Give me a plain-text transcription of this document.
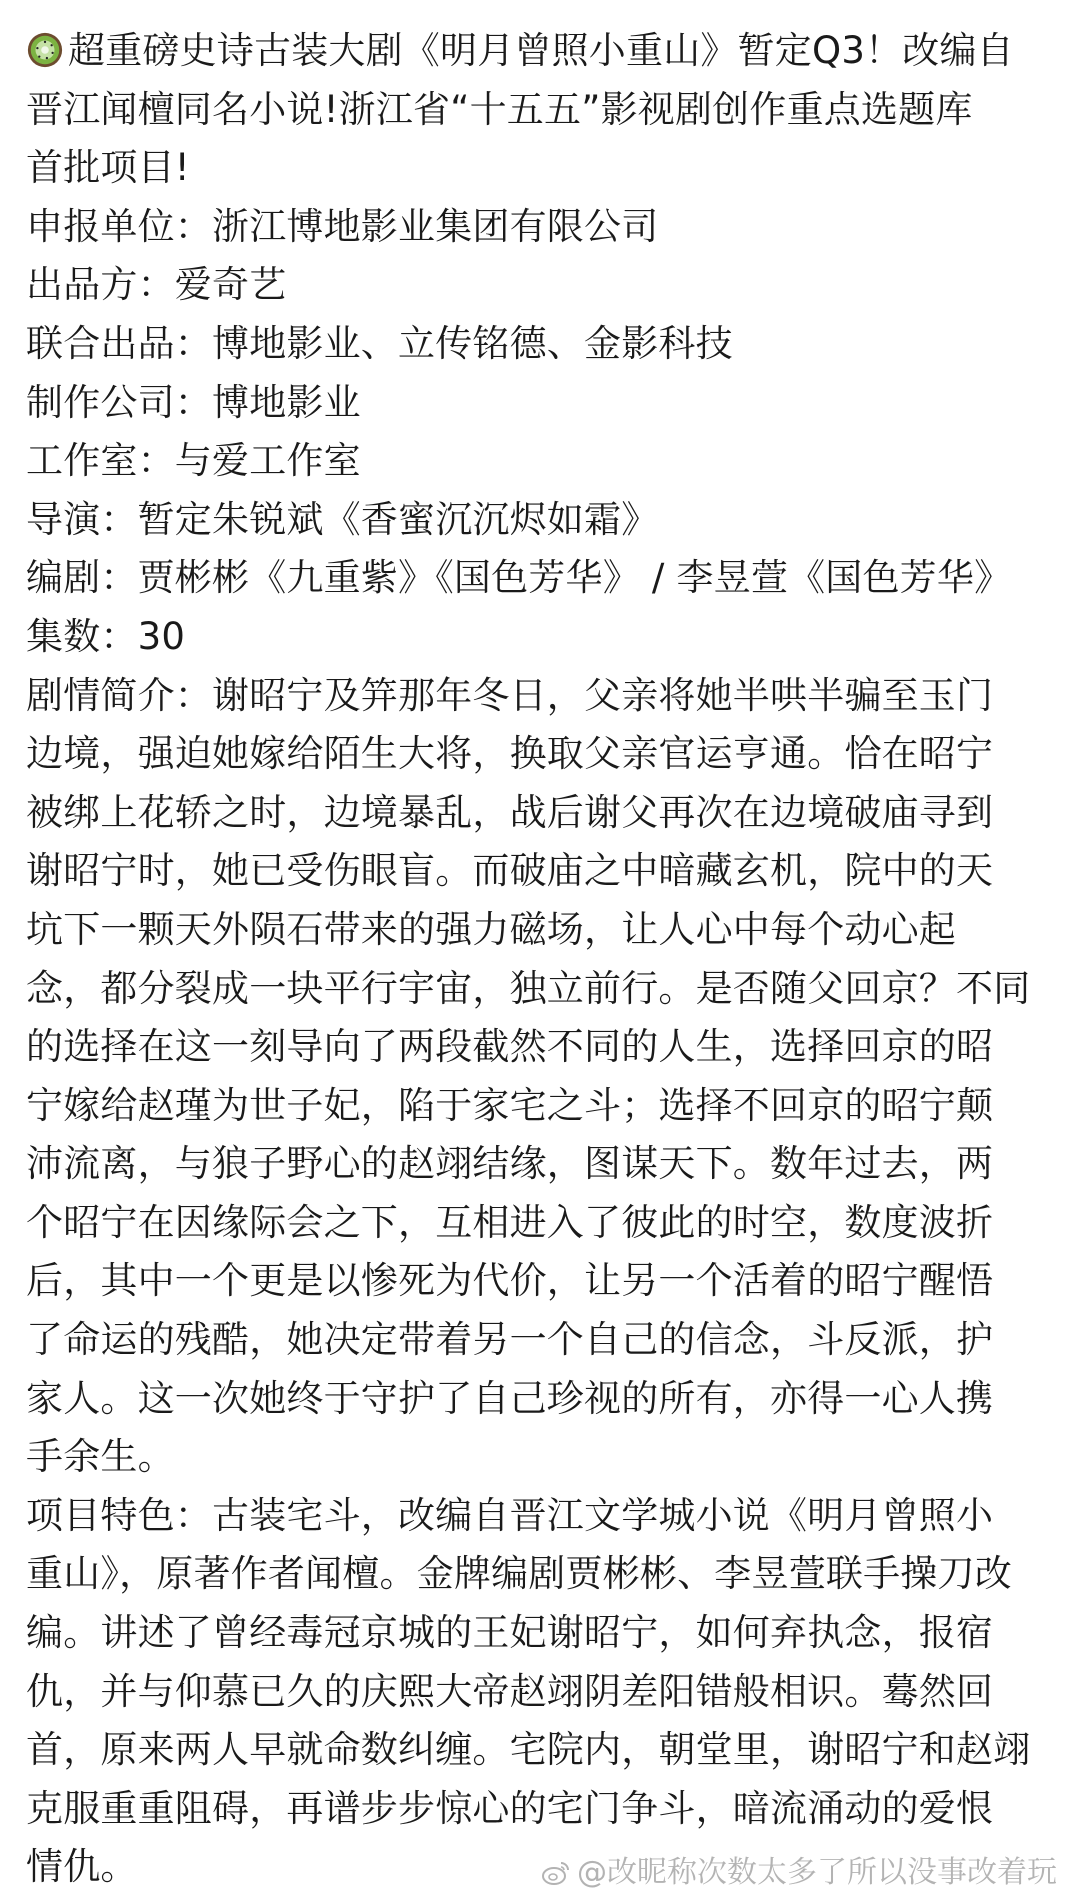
超重磅史诗古装大剧《明月曾照小重山》暂定Q3！改编自

晋江闻檀同名小说!浙江省“十五五”影视剧创作重点选题库

首批项目!

申报单位：浙江博地影业集团有限公司

出品方：爱奇艺

联合出品：博地影业、立传铭德、金影科技

制作公司：博地影业

工作室：与爱工作室

导演：暂定朱锐斌《香蜜沉沉烬如霜》

编剧：贾彬彬《九重紫》《国色芳华》 / 李昱萱《国色芳华》

集数：30

剧情简介：谢昭宁及笄那年冬日，父亲将她半哄半骗至玉门

边境，强迫她嫁给陌生大将，换取父亲官运亨通。恰在昭宁

被绑上花轿之时，边境暴乱，战后谢父再次在边境破庙寻到

谢昭宁时，她已受伤眼盲。而破庙之中暗藏玄机，院中的天

坑下一颗天外陨石带来的强力磁场，让人心中每个动心起

念，都分裂成一块平行宇宙，独立前行。是否随父回京？不同

的选择在这一刻导向了两段截然不同的人生，选择回京的昭

宁嫁给赵瑾为世子妃，陷于家宅之斗；选择不回京的昭宁颠

沛流离，与狼子野心的赵翊结缘，图谋天下。数年过去，两

个昭宁在因缘际会之下，互相进入了彼此的时空，数度波折

后，其中一个更是以惨死为代价，让另一个活着的昭宁醒悟

了命运的残酷，她决定带着另一个自己的信念，斗反派，护

家人。这一次她终于守护了自己珍视的所有，亦得一心人携

手余生。

项目特色：古装宅斗，改编自晋江文学城小说《明月曾照小

重山》，原著作者闻檀。金牌编剧贾彬彬、李昱萱联手操刀改

编。讲述了曾经毒冠京城的王妃谢昭宁，如何弃执念，报宿

仇，并与仰慕已久的庆熙大帝赵翊阴差阳错般相识。蓦然回

首，原来两人早就命数纠缠。宅院内，朝堂里，谢昭宁和赵翊

克服重重阻碍，再谱步步惊心的宅门争斗，暗流涌动的爱恨

情仇。	@改昵称次数太多了所以没事改着玩
